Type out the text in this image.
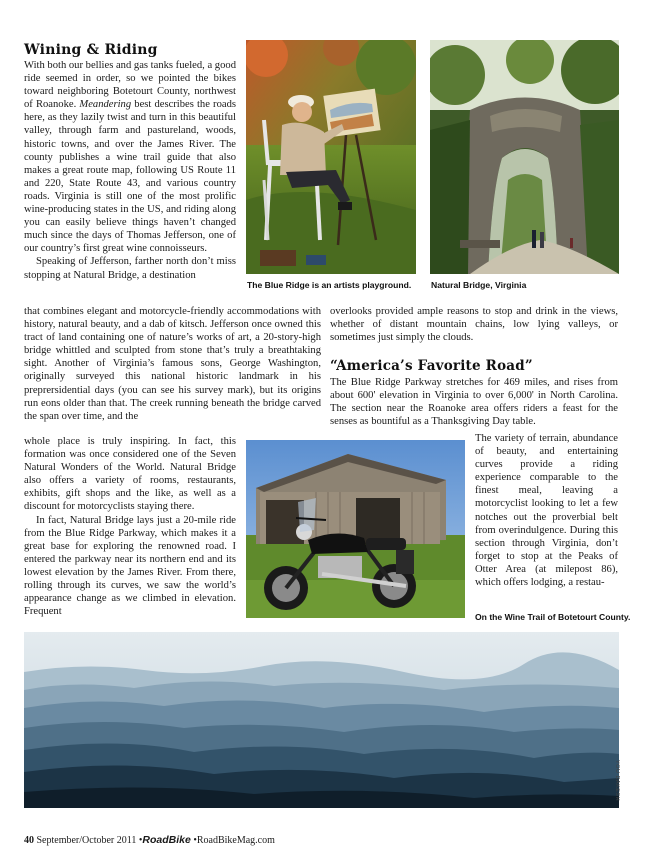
Wining & Riding

With both our bellies and gas tanks fueled, a good ride seemed in order, so we pointed the bikes toward neighboring Botetourt County, northwest of Roanoke. Meandering best describes the roads here, as they lazily twist and turn in this beautiful valley, through farm and pastureland, woods, historic towns, and over the James River. The county publishes a wine trail guide that also makes a great route map, following US Route 11 and 220, State Route 43, and various country roads. Virginia is still one of the most prolific wine-producing states in the US, and riding along you can easily believe things haven’t changed much since the days of Thomas Jefferson, one of our country’s first great wine connoisseurs.

Speaking of Jefferson, farther north don’t miss stopping at Natural Bridge, a destination

that combines elegant and motorcycle-friendly accommodations with history, natural beauty, and a dab of kitsch. Jefferson once owned this tract of land containing one of nature’s works of art, a 20-story-high bridge whittled and sculpted from stone that’s truly a breathtaking sight. Another of Virginia’s famous sons, George Washington, originally surveyed this national historic landmark in his preprersidential days (you can see his survey mark), but its origins run eons older than that. The creek running beneath the bridge carved the span over time, and the

whole place is truly inspiring. In fact, this formation was once considered one of the Seven Natural Wonders of the World. Natural Bridge also offers a variety of rooms, restaurants, exhibits, gift shops and the like, as well as a discount for motorcyclists staying there.

In fact, Natural Bridge lays just a 20-mile ride from the Blue Ridge Parkway, which makes it a great base for exploring the renowned road. I entered the parkway near its northern end and its lowest elevation by the James River. From there, rolling through its curves, we saw the world’s appearance change as we climbed in elevation. Frequent

overlooks provided ample reasons to stop and drink in the views, whether of distant mountain chains, low lying valleys, or sometimes just simply the clouds.
“America’s Favorite Road”
The Blue Ridge Parkway stretches for 469 miles, and rises from about 600' elevation in Virginia to over 6,000' in North Carolina. The section near the Roanoke area offers riders a feast for the senses as bountiful as a Thanksgiving Day table.
The variety of terrain, abundance of beauty, and entertaining curves provide a riding experience comparable to the finest meal, leaving a motorcyclist looking to let a few notches out the proverbial belt from overindulgence. During this section through Virginia, don’t forget to stop at the Peaks of Otter Area (at milepost 86), which offers lodging, a restau-
The Blue Ridge is an artists playground. Natural Bridge, Virginia
On the Wine Trail of Botetourt County.
YOU DAKESH
40 September/October 2011 •RoadBike •RoadBikeMag.com
